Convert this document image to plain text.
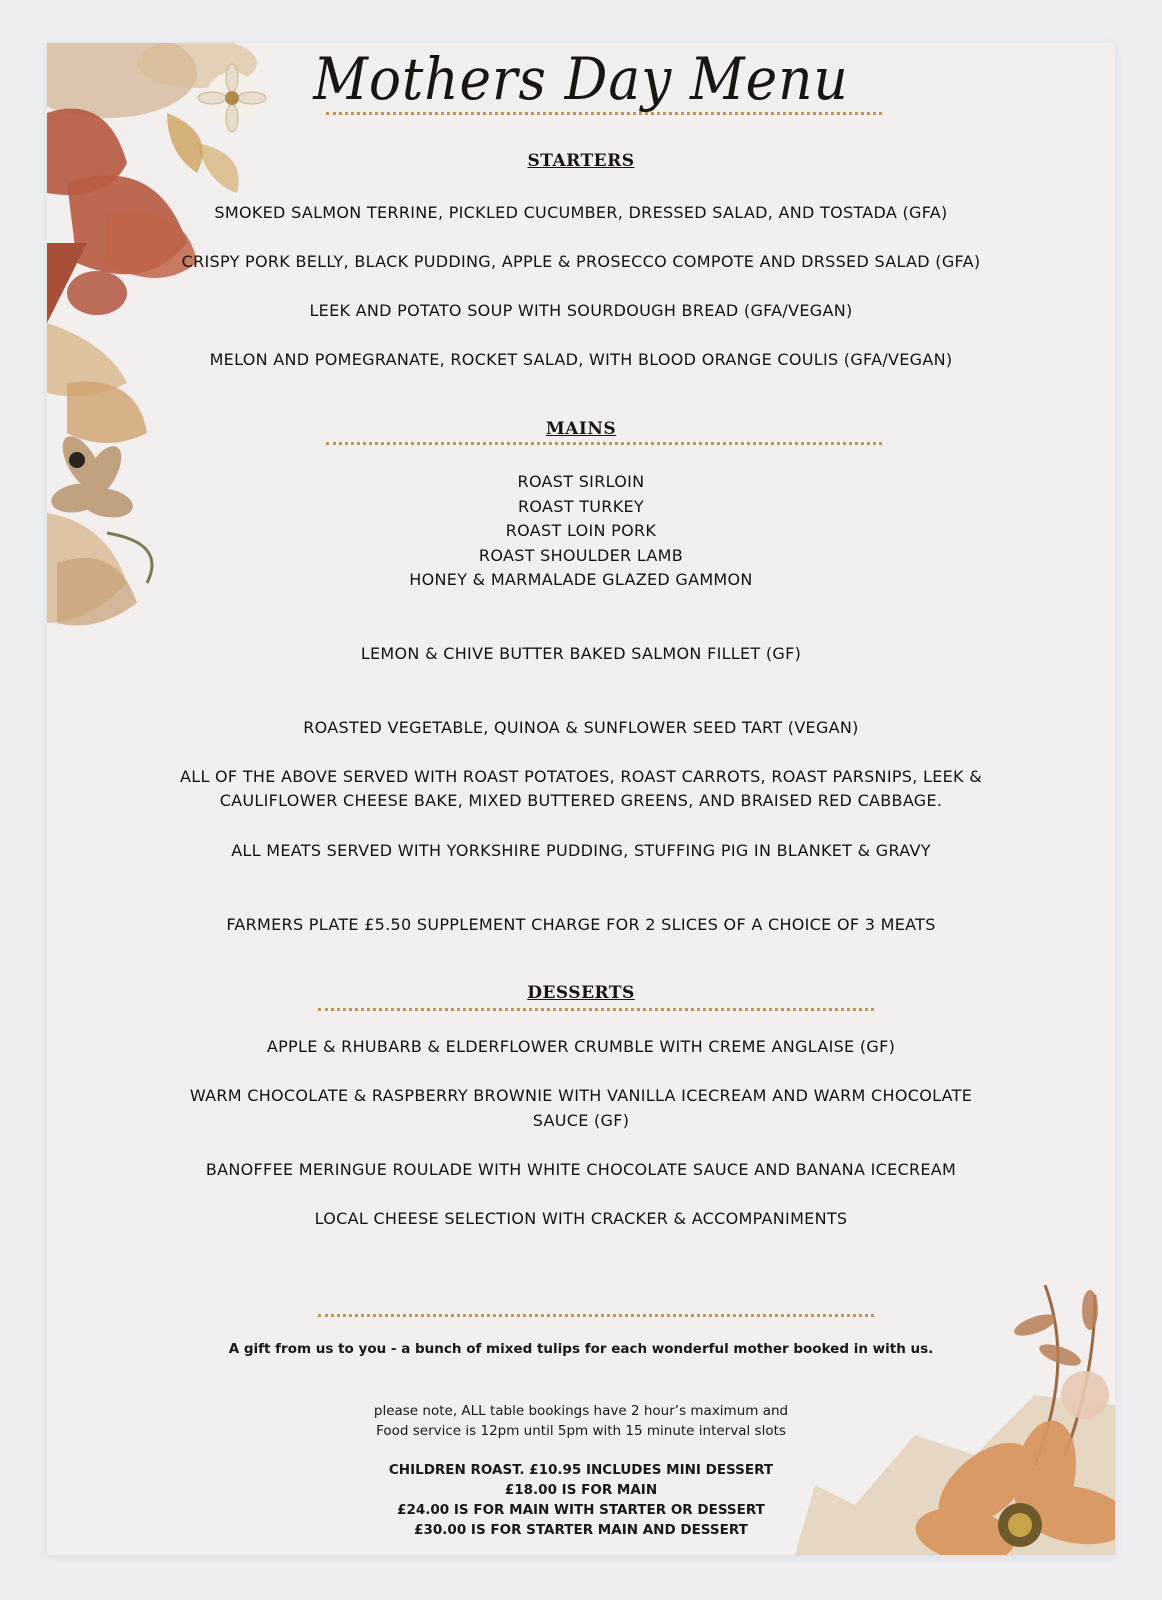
Mothers Day Menu
STARTERS
SMOKED SALMON TERRINE, PICKLED CUCUMBER, DRESSED SALAD, AND TOSTADA (GFA)
CRISPY PORK BELLY, BLACK PUDDING, APPLE & PROSECCO COMPOTE AND DRSSED SALAD (GFA)
LEEK AND POTATO SOUP WITH SOURDOUGH BREAD (GFA/VEGAN)
MELON AND POMEGRANATE, ROCKET SALAD, WITH BLOOD ORANGE COULIS (GFA/VEGAN)
MAINS
ROAST SIRLOIN
ROAST TURKEY
ROAST LOIN PORK
ROAST SHOULDER LAMB
HONEY & MARMALADE GLAZED GAMMON
LEMON & CHIVE BUTTER BAKED SALMON FILLET (GF)
ROASTED VEGETABLE, QUINOA & SUNFLOWER SEED TART (VEGAN)
ALL OF THE ABOVE SERVED WITH ROAST POTATOES, ROAST CARROTS, ROAST PARSNIPS, LEEK &
CAULIFLOWER CHEESE BAKE, MIXED BUTTERED GREENS, AND BRAISED RED CABBAGE.
ALL MEATS SERVED WITH YORKSHIRE PUDDING, STUFFING PIG IN BLANKET & GRAVY
FARMERS PLATE £5.50 SUPPLEMENT CHARGE FOR 2 SLICES OF A CHOICE OF 3 MEATS
DESSERTS
APPLE & RHUBARB & ELDERFLOWER CRUMBLE WITH CREME ANGLAISE (GF)
WARM CHOCOLATE & RASPBERRY BROWNIE WITH VANILLA ICECREAM AND WARM CHOCOLATE
SAUCE (GF)
BANOFFEE MERINGUE ROULADE WITH WHITE CHOCOLATE SAUCE AND BANANA ICECREAM
LOCAL CHEESE SELECTION WITH CRACKER & ACCOMPANIMENTS
A gift from us to you - a bunch of mixed tulips for each wonderful mother booked in with us.
please note, ALL table bookings have 2 hour’s maximum and
Food service is 12pm until 5pm with 15 minute interval slots
CHILDREN ROAST. £10.95 INCLUDES MINI DESSERT
£18.00 IS FOR MAIN
£24.00 IS FOR MAIN WITH STARTER OR DESSERT
£30.00 IS FOR STARTER MAIN AND DESSERT
